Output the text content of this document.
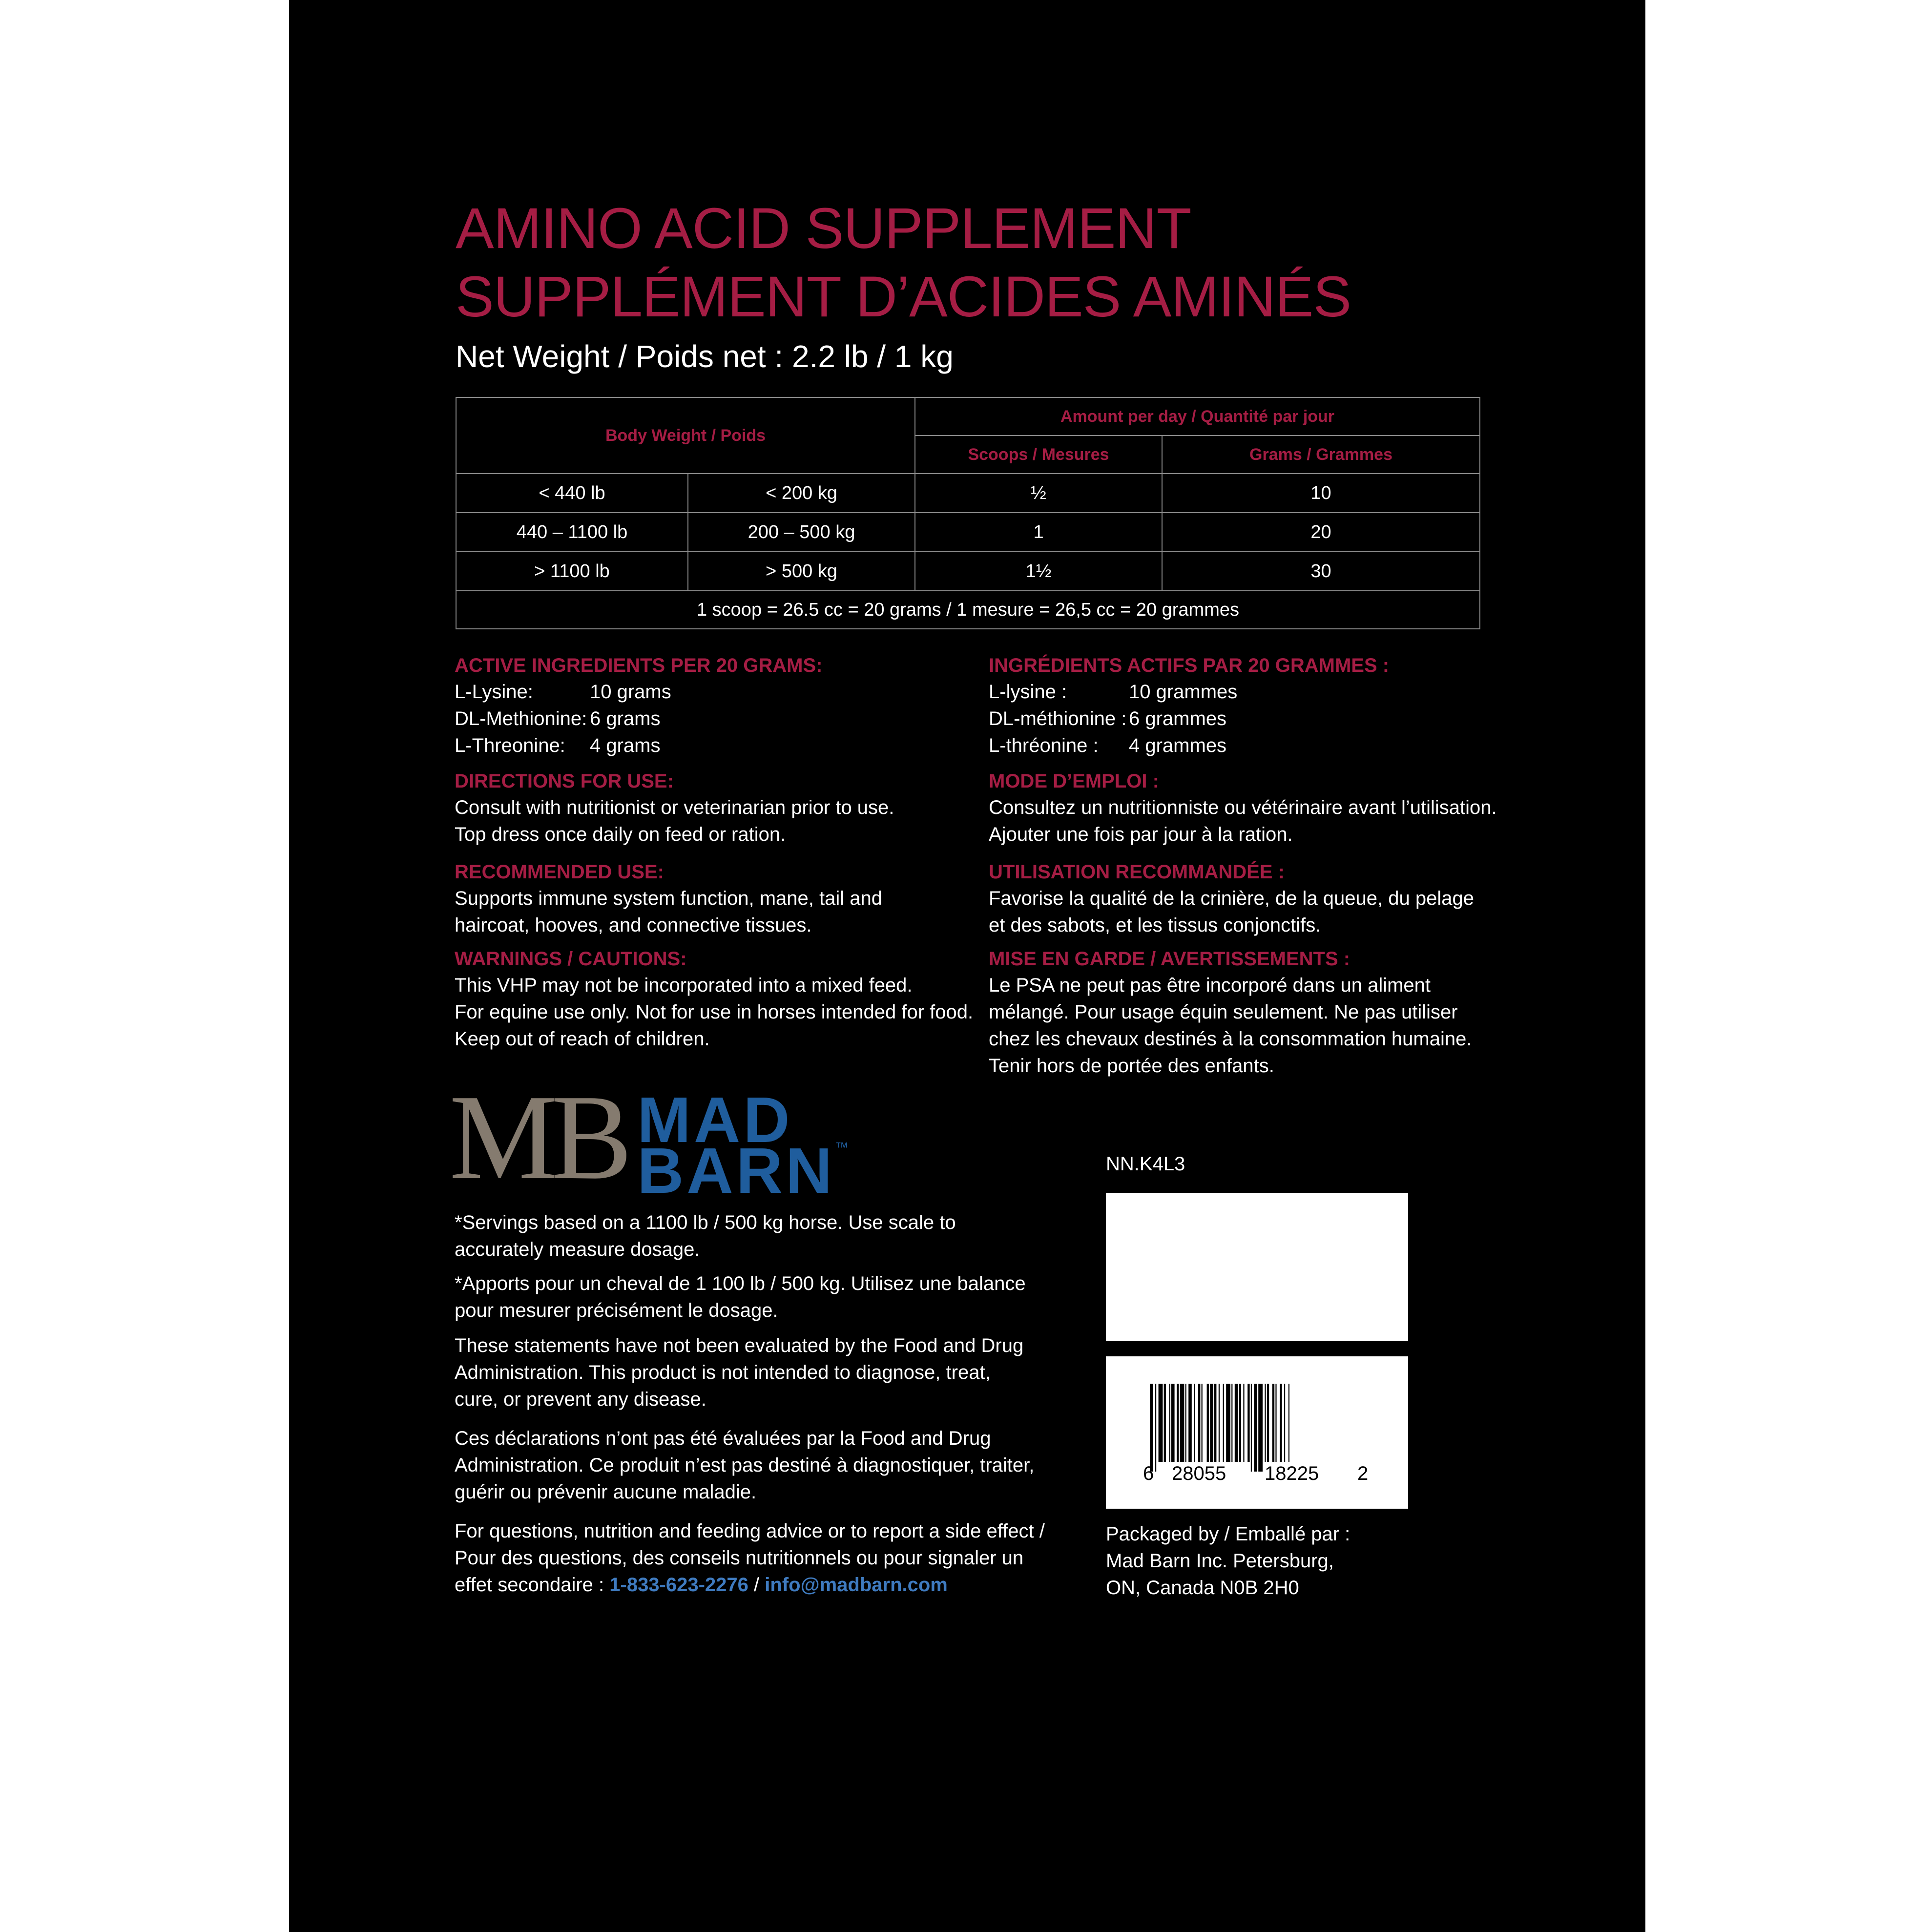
AMINO ACID SUPPLEMENT
SUPPLÉMENT D’ACIDES AMINÉS
Net Weight / Poids net : 2.2 lb / 1 kg
Body Weight / Poids		Amount per day / Quantité par jour	
		Scoops / Mesures	Grams / Grammes
< 440 lb	< 200 kg	½	10
440 – 1100 lb	200 – 500 kg	1	20
> 1100 lb	> 500 kg	1½	30
1 scoop = 26.5 cc = 20 grams / 1 mesure = 26,5 cc = 20 grammes			
ACTIVE INGREDIENTS PER 20 GRAMS:
L-Lysine:	10 grams
DL-Methionine: 6 grams
L-Threonine:	4 grams
DIRECTIONS FOR USE:
Consult with nutritionist or veterinarian prior to use.
Top dress once daily on feed or ration.
RECOMMENDED USE:
Supports immune system function, mane, tail and
haircoat, hooves, and connective tissues.
WARNINGS / CAUTIONS:
This VHP may not be incorporated into a mixed feed.
For equine use only. Not for use in horses intended for food.
Keep out of reach of children.
INGRÉDIENTS ACTIFS PAR 20 GRAMMES :
L-lysine :	10 grammes
DL-méthionine : 6 grammes
L-thréonine :	4 grammes
MODE D’EMPLOI :
Consultez un nutritionniste ou vétérinaire avant l’utilisation.
Ajouter une fois par jour à la ration.
UTILISATION RECOMMANDÉE :
Favorise la qualité de la crinière, de la queue, du pelage
et des sabots, et les tissus conjonctifs.
MISE EN GARDE / AVERTISSEMENTS :
Le PSA ne peut pas être incorporé dans un aliment
mélangé. Pour usage équin seulement. Ne pas utiliser
chez les chevaux destinés à la consommation humaine.
Tenir hors de portée des enfants.
MB MAD
BARN ™
NN.K4L3
*Servings based on a 1100 lb / 500 kg horse. Use scale to
accurately measure dosage.
*Apports pour un cheval de 1 100 lb / 500 kg. Utilisez une balance
pour mesurer précisément le dosage.
These statements have not been evaluated by the Food and Drug
Administration. This product is not intended to diagnose, treat,
cure, or prevent any disease.
Ces déclarations n’ont pas été évaluées par la Food and Drug
Administration. Ce produit n’est pas destiné à diagnostiquer, traiter,
guérir ou prévenir aucune maladie.
For questions, nutrition and feeding advice or to report a side effect /
Pour des questions, des conseils nutritionnels ou pour signaler un
effet secondaire : 1-833-623-2276 / info@madbarn.com
6 28055 18225 2
Packaged by / Emballé par :
Mad Barn Inc. Petersburg,
ON, Canada N0B 2H0
